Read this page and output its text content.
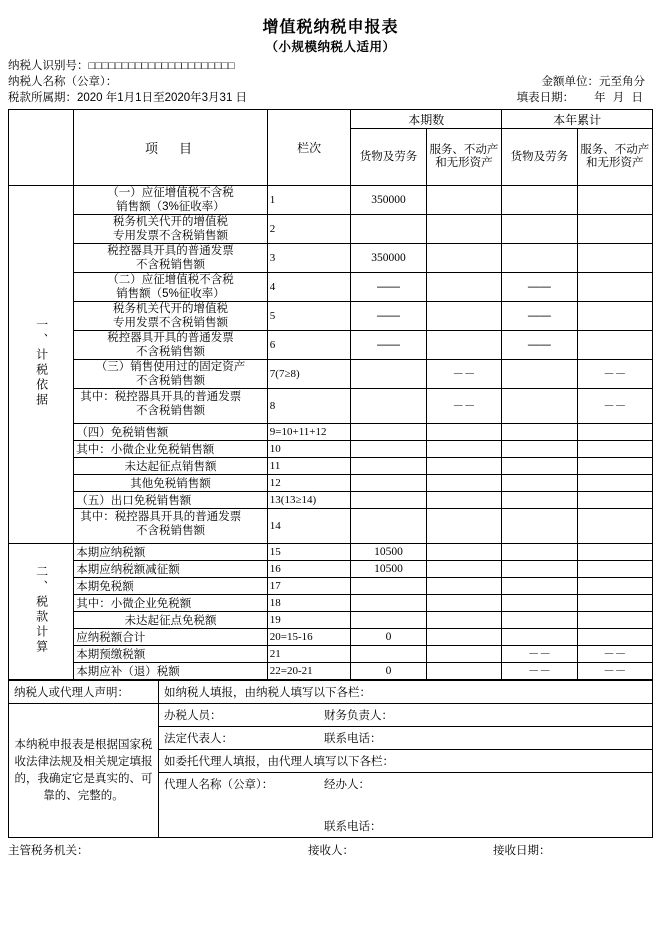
增值税纳税申报表
（小规模纳税人适用）
纳税人识别号： □□□□□□□□□□□□□□□□□□□□□□
纳税人名称（公章）：	金额单位：元至角分
税款所属期： 2020 年1月1日至2020年3月31 日	填表日期：	年 月 日
	项　目	栏次	本期数		本年累计	
			货物及劳务	服务、不动产和无形资产	货物及劳务	服务、不动产和无形资产
一、计税依据	（一）应征增值税不含税
销售额（3%征收率）	1	350000			
	税务机关代开的增值税
专用发票不含税销售额	2				
	税控器具开具的普通发票
不含税销售额	3	350000			
	（二）应征增值税不含税
销售额（5%征收率）	4	——		——	
	税务机关代开的增值税
专用发票不含税销售额	5	——		——	
	税控器具开具的普通发票
不含税销售额	6	——		——	
	（三）销售使用过的固定资产
不含税销售额	7(7≥8)		－－		－－

	其中：税控器具开具的普通发票
不含税销售额	8		－－		－－
	（四）免税销售额	9=10+11+12				
	其中：小微企业免税销售额	10				
	未达起征点销售额	11				
	其他免税销售额	12				
	（五）出口免税销售额	13(13≥14)				

	其中：税控器具开具的普通发票
不含税销售额	14				
二、税款计算	本期应纳税额	15	10500			
	本期应纳税额减征额	16	10500			
	本期免税额	17				
	其中：小微企业免税额	18				
	未达起征点免税额	19				
	应纳税额合计	20=15-16	0			
	本期预缴税额	21			－－	－－
	本期应补（退）税额	22=20-21	0		－－	－－
纳税人或代理人声明：	如纳税人填报，由纳税人填写以下各栏：
本纳税申报表是根据国家税收法律法规及相关规定填报的，我确定它是真实的、可靠的、完整的。	办税人员： 财务负责人：

	法定代表人： 联系电话：

	如委托代理人填报，由代理人填写以下各栏：

	代理人名称（公章）： 经办人：
联系电话：
主管税务机关：	接收人：	接收日期：
